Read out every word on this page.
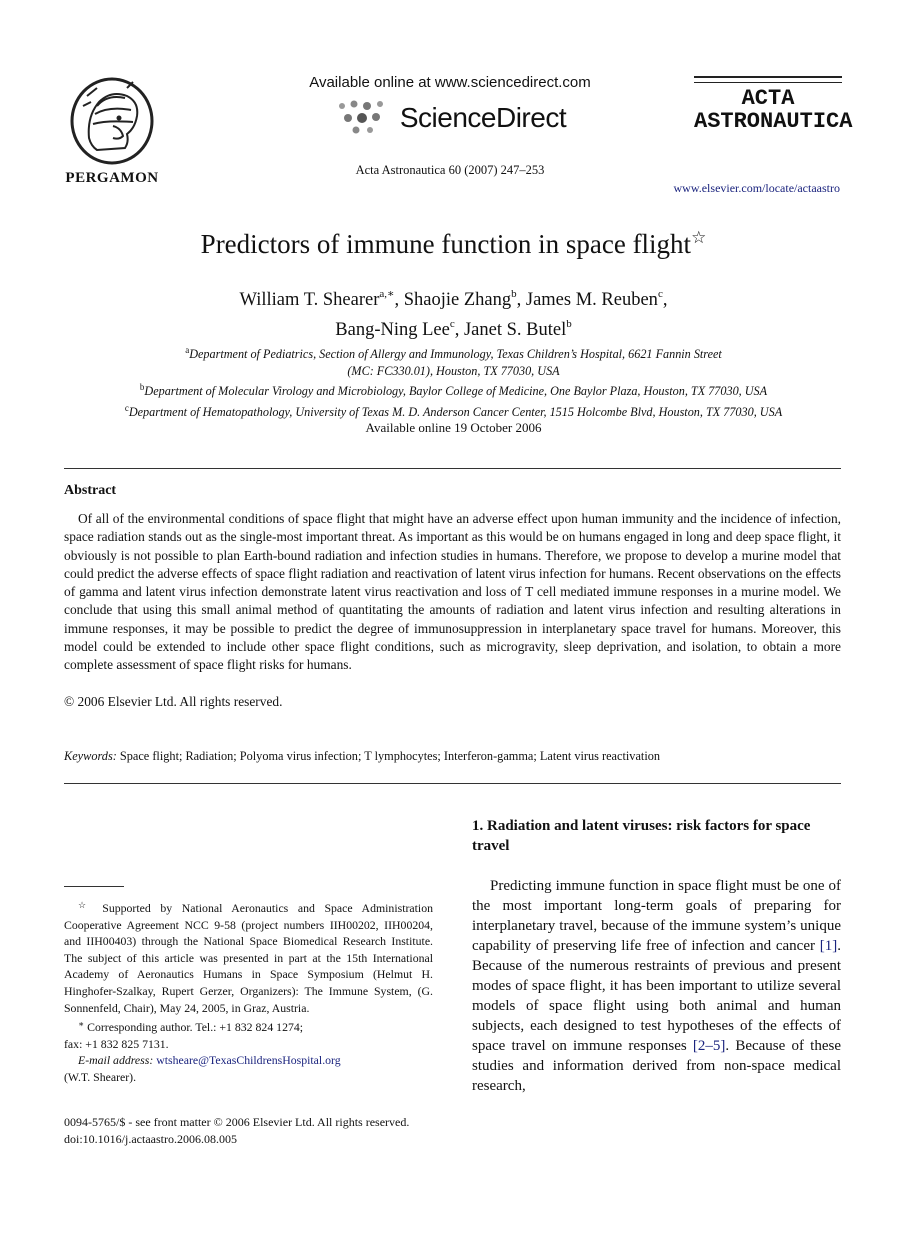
PERGAMON
Available online at www.sciencedirect.com
ScienceDirect
Acta Astronautica 60 (2007) 247–253
ACTA
ASTRONAUTICA
www.elsevier.com/locate/actaastro
Predictors of immune function in space flight☆
William T. Shearer$^{a,∗}$, Shaojie Zhang$^b$, James M. Reuben$^c$,
Bang-Ning Lee$^c$, Janet S. Butel$^b$
$^a$Department of Pediatrics, Section of Allergy and Immunology, Texas Children’s Hospital, 6621 Fannin Street
(MC: FC330.01), Houston, TX 77030, USA
$^b$Department of Molecular Virology and Microbiology, Baylor College of Medicine, One Baylor Plaza, Houston, TX 77030, USA
$^c$Department of Hematopathology, University of Texas M. D. Anderson Cancer Center, 1515 Holcombe Blvd, Houston, TX 77030, USA
Available online 19 October 2006
Abstract
Of all of the environmental conditions of space flight that might have an adverse effect upon human immunity and the incidence of infection, space radiation stands out as the single-most important threat. As important as this would be on humans engaged in long and deep space flight, it obviously is not possible to plan Earth-bound radiation and infection studies in humans. Therefore, we propose to develop a murine model that could predict the adverse effects of space flight radiation and reactivation of latent virus infection for humans. Recent observations on the effects of gamma and latent virus infection demonstrate latent virus reactivation and loss of T cell mediated immune responses in a murine model. We conclude that using this small animal method of quantitating the amounts of radiation and latent virus infection and resulting alterations in immune responses, it may be possible to predict the degree of immunosuppression in interplanetary space travel for humans. Moreover, this model could be extended to include other space flight conditions, such as microgravity, sleep deprivation, and isolation, to obtain a more complete assessment of space flight risks for humans.
© 2006 Elsevier Ltd. All rights reserved.
Keywords: Space flight; Radiation; Polyoma virus infection; T lymphocytes; Interferon-gamma; Latent virus reactivation
1. Radiation and latent viruses: risk factors for space travel
Predicting immune function in space flight must be one of the most important long-term goals of preparing for interplanetary travel, because of the immune system’s unique capability of preserving life free of infection and cancer [1]. Because of the numerous restraints of previous and present modes of space flight, it has been important to utilize several models of space flight using both animal and human subjects, each designed to test hypotheses of the effects of space travel on immune responses [2–5]. Because of these studies and information derived from non-space medical research,
☆ Supported by National Aeronautics and Space Administration Cooperative Agreement NCC 9-58 (project numbers IIH00202, IIH00204, and IIH00403) through the National Space Biomedical Research Institute. The subject of this article was presented in part at the 15th International Academy of Aeronautics Humans in Space Symposium (Helmut H. Hinghofer-Szalkay, Rupert Gerzer, Organizers): The Immune System, (G. Sonnenfeld, Chair), May 24, 2005, in Graz, Austria.
∗ Corresponding author. Tel.: +1 832 824 1274;
fax: +1 832 825 7131.
E-mail address: wtsheare@TexasChildrensHospital.org
(W.T. Shearer).
0094-5765/$ - see front matter © 2006 Elsevier Ltd. All rights reserved.
doi:10.1016/j.actaastro.2006.08.005
